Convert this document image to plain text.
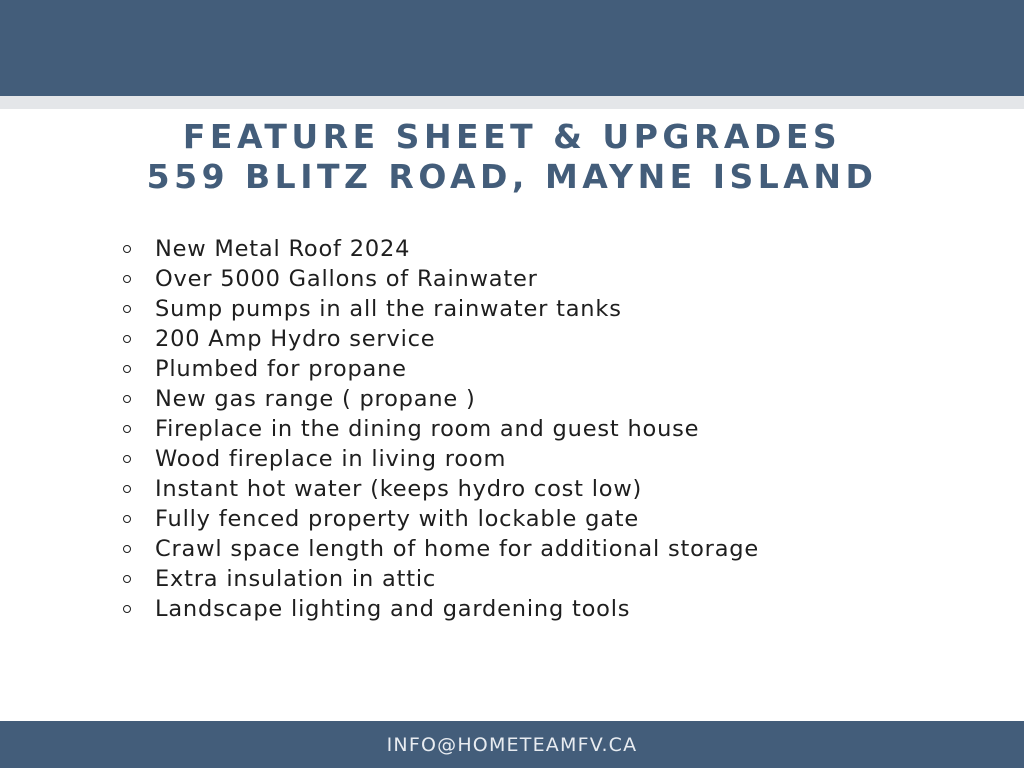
FEATURE SHEET & UPGRADES
559 BLITZ ROAD, MAYNE ISLAND
New Metal Roof 2024
Over 5000 Gallons of Rainwater
Sump pumps in all the rainwater tanks
200 Amp Hydro service
Plumbed for propane
New gas range ( propane )
Fireplace in the dining room and guest house
Wood fireplace in living room
Instant hot water (keeps hydro cost low)
Fully fenced property with lockable gate
Crawl space length of home for additional storage
Extra insulation in attic
Landscape lighting and gardening tools
INFO@HOMETEAMFV.CA
